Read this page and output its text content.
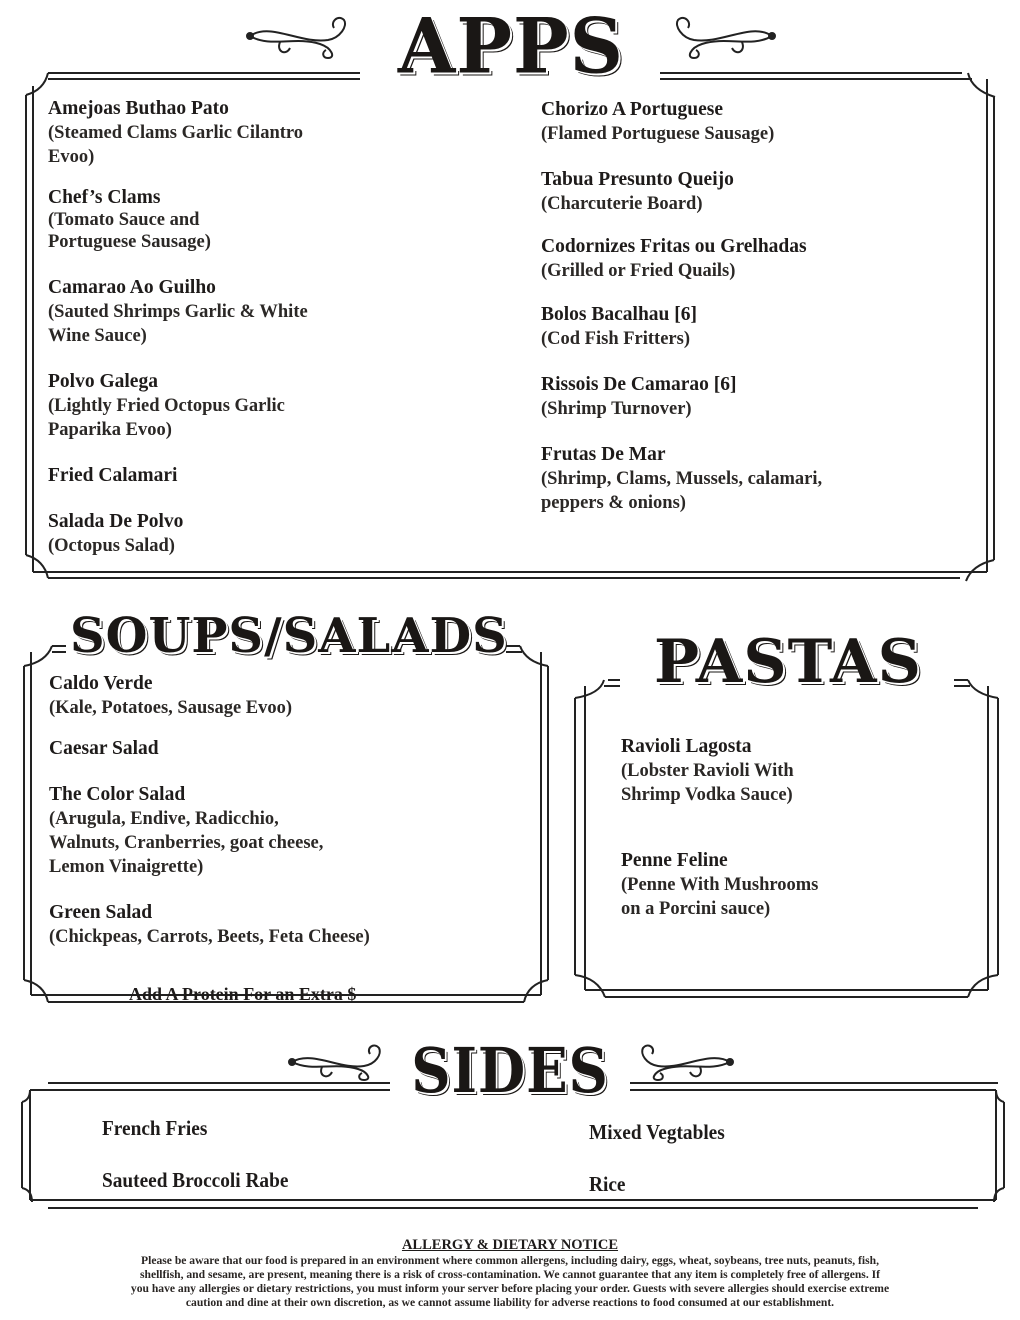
APPS
Amejoas Buthao Pato
(Steamed Clams Garlic Cilantro
Evoo)
Chef’s Clams
(Tomato Sauce and
Portuguese Sausage)
Camarao Ao Guilho
(Sauted Shrimps Garlic & White
Wine Sauce)
Polvo Galega
(Lightly Fried Octopus Garlic
Paparika Evoo)
Fried Calamari
Salada De Polvo
(Octopus Salad)
Chorizo A Portuguese
(Flamed Portuguese Sausage)
Tabua Presunto Queijo
(Charcuterie Board)
Codornizes Fritas ou Grelhadas
(Grilled or Fried Quails)
Bolos Bacalhau [6]
(Cod Fish Fritters)
Rissois De Camarao [6]
(Shrimp Turnover)
Frutas De Mar
(Shrimp, Clams, Mussels, calamari,
peppers & onions)
SOUPS/SALADS
Caldo Verde
(Kale, Potatoes, Sausage Evoo)
Caesar Salad
The Color Salad
(Arugula, Endive, Radicchio,
Walnuts, Cranberries, goat cheese,
Lemon Vinaigrette)
Green Salad
(Chickpeas, Carrots, Beets, Feta Cheese)
Add A Protein For an Extra $
PASTAS
Ravioli Lagosta
(Lobster Ravioli With
Shrimp Vodka Sauce)
Penne Feline
(Penne With Mushrooms
on a Porcini sauce)
SIDES
French Fries
Sauteed Broccoli Rabe
Mixed Vegtables
Rice
ALLERGY & DIETARY NOTICE
Please be aware that our food is prepared in an environment where common allergens, including dairy, eggs, wheat, soybeans, tree nuts, peanuts, fish,
shellfish, and sesame, are present, meaning there is a risk of cross-contamination. We cannot guarantee that any item is completely free of allergens. If
you have any allergies or dietary restrictions, you must inform your server before placing your order. Guests with severe allergies should exercise extreme
caution and dine at their own discretion, as we cannot assume liability for adverse reactions to food consumed at our establishment.
